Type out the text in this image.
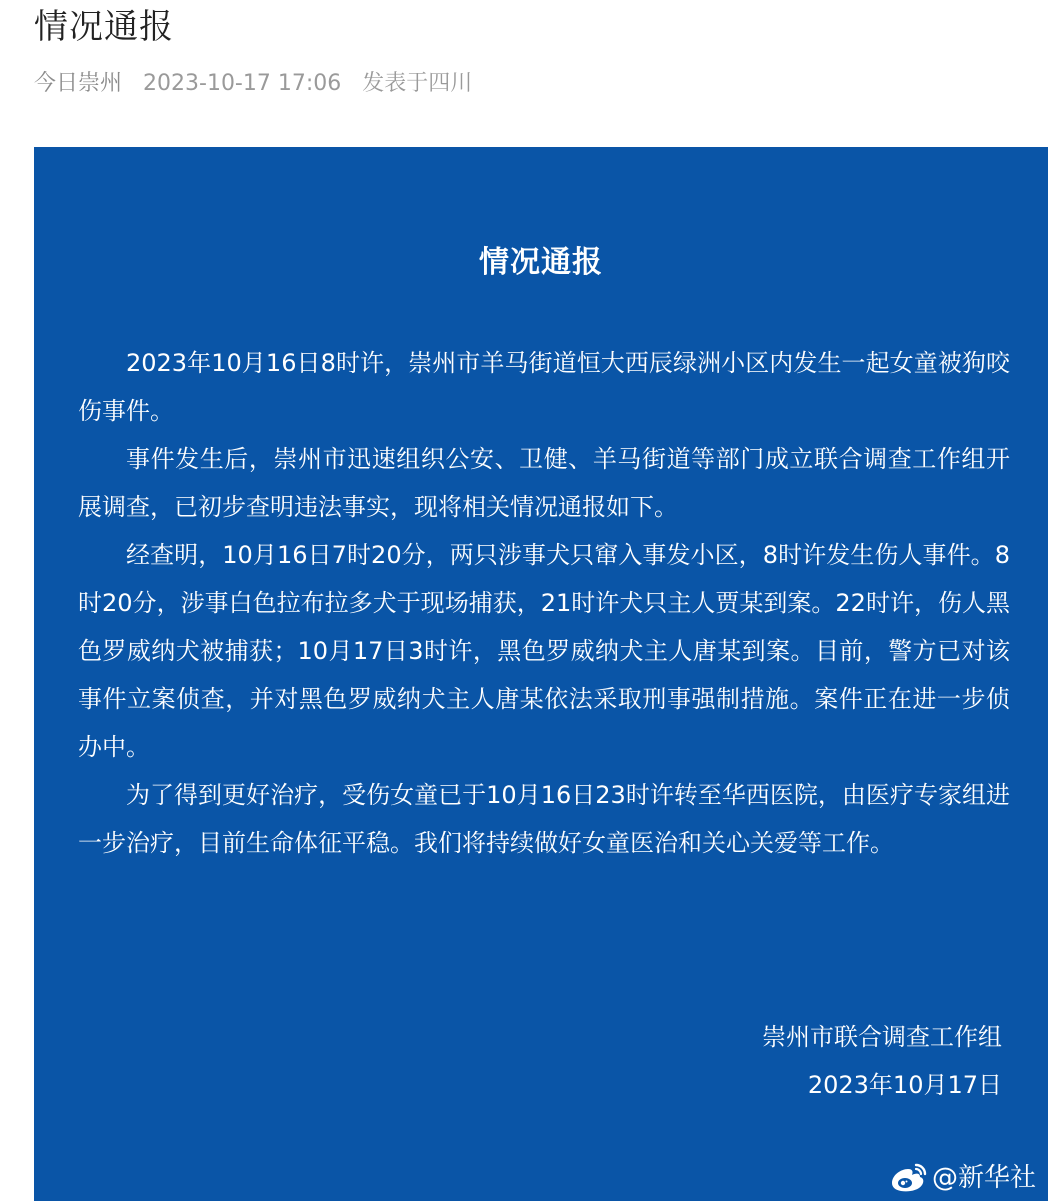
情况通报
今日崇州 2023-10-17 17:06 发表于四川
情况通报

2023年10月16日8时许，崇州市羊马街道恒大西辰绿洲小区内发生一起女童被狗咬伤事件。

事件发生后，崇州市迅速组织公安、卫健、羊马街道等部门成立联合调查工作组开展调查，已初步查明违法事实，现将相关情况通报如下。

经查明，10月16日7时20分，两只涉事犬只窜入事发小区，8时许发生伤人事件。8时20分，涉事白色拉布拉多犬于现场捕获，21时许犬只主人贾某到案。22时许，伤人黑色罗威纳犬被捕获；10月17日3时许，黑色罗威纳犬主人唐某到案。目前，警方已对该事件立案侦查，并对黑色罗威纳犬主人唐某依法采取刑事强制措施。案件正在进一步侦办中。

为了得到更好治疗，受伤女童已于10月16日23时许转至华西医院，由医疗专家组进一步治疗，目前生命体征平稳。我们将持续做好女童医治和关心关爱等工作。

崇州市联合调查工作组
2023年10月17日
@新华社
